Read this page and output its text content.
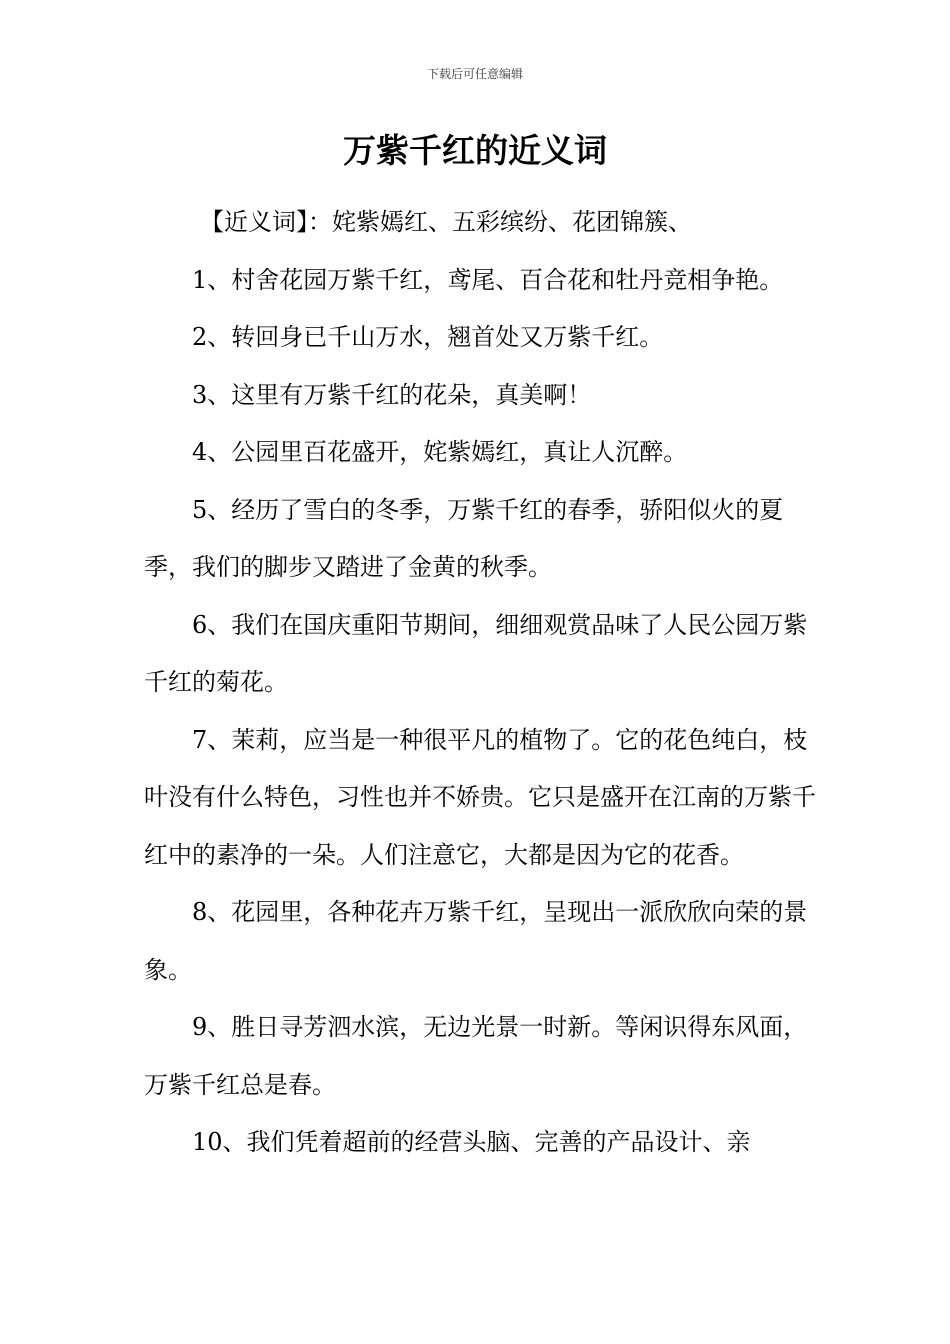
下载后可任意编辑
万紫千红的近义词

【近义词】：姹紫嫣红、五彩缤纷、花团锦簇、

1、村舍花园万紫千红，鸢尾、百合花和牡丹竞相争艳。

2、转回身已千山万水，翘首处又万紫千红。

3、这里有万紫千红的花朵，真美啊！

4、公园里百花盛开，姹紫嫣红，真让人沉醉。

5、经历了雪白的冬季，万紫千红的春季，骄阳似火的夏季，我们的脚步又踏进了金黄的秋季。

6、我们在国庆重阳节期间，细细观赏品味了人民公园万紫千红的菊花。

7、茉莉，应当是一种很平凡的植物了。它的花色纯白，枝叶没有什么特色，习性也并不娇贵。它只是盛开在江南的万紫千红中的素净的一朵。人们注意它，大都是因为它的花香。

8、花园里，各种花卉万紫千红，呈现出一派欣欣向荣的景象。

9、胜日寻芳泗水滨，无边光景一时新。等闲识得东风面，万紫千红总是春。

10、我们凭着超前的经营头脑、完善的产品设计、亲
